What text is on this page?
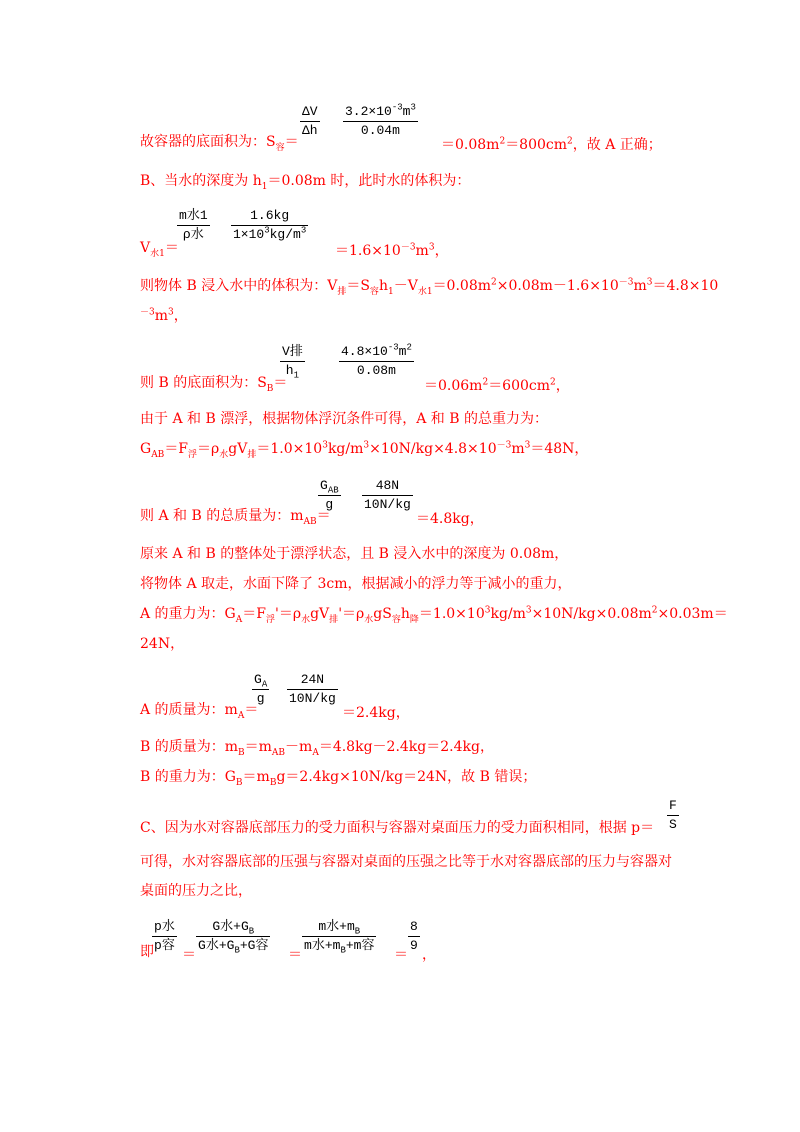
$\frac{\Delta V}{\Delta h} \frac{3.2\times 10^{-3}m^3}{0.04m}$
故容器的底面积为：$S_容=$	$=0.08m^2=800cm^2$，故 A 正确；
B、当水的深度为 $h_1=0.08m$ 时，此时水的体积为：
m水1
ρ水	$\frac{1.6kg}{1\times 10^3kg/m^3}$
$V_{水1}=$	$=1.6\times 10^{-3}m^3$，
则物体 B 浸入水中的体积为：$V_排=S_容h_1-V_{水1}=0.08m^2\times 0.08m-1.6\times 10^{-3}m^3=4.8\times 10$
$^{-3}m^3$，
V排
$h_1$	$\frac{4.8\times 10^{-3}m^2}{0.08m}$
则 B 的底面积为：$S_B=$	$=0.06m^2=600cm^2$，
由于 A 和 B 漂浮，根据物体浮沉条件可得，A 和 B 的总重力为：
$G_{AB}=F_浮=\rho_水gV_排=1.0\times 10^3kg/m^3\times 10N/kg\times 4.8\times 10^{-3}m^3=48N$，
$G_{AB}$
g	$\frac{48N}{10N/kg}$
则 A 和 B 的总质量为：$m_{AB}=$	＝4.8kg，
原来 A 和 B 的整体处于漂浮状态，且 B 浸入水中的深度为 0.08m，
将物体 A 取走，水面下降了 3cm，根据减小的浮力等于减小的重力，
A 的重力为：$G_A=F_浮'=\rho_水gV_排'=\rho_水gS_容h_降=1.0\times 10^3kg/m^3\times 10N/kg\times 0.08m^2\times 0.03m=$
24N，
$\frac{G_A}{g} \frac{24N}{10N/kg}$
A 的质量为：$m_A=$	＝2.4kg，
B 的质量为：$m_B=m_{AB}-m_A=4.8kg-2.4kg=2.4kg$，
B 的重力为：$G_B=m_Bg=2.4kg\times 10N/kg=24N$，故 B 错误；
C、因为水对容器底部压力的受力面积与容器对桌面压力的受力面积相同，根据 $p= \frac{F}{S}$
可得，水对容器底部的压强与容器对桌面的压强之比等于水对容器底部的压力与容器对
桌面的压力之比，
即
p水
p容
＝
G水$+G_B$
G水$+G_B+G$容
＝
m水$+m_B$
m水$+m_B+m$容
＝
$\frac{8}{9}$
，
